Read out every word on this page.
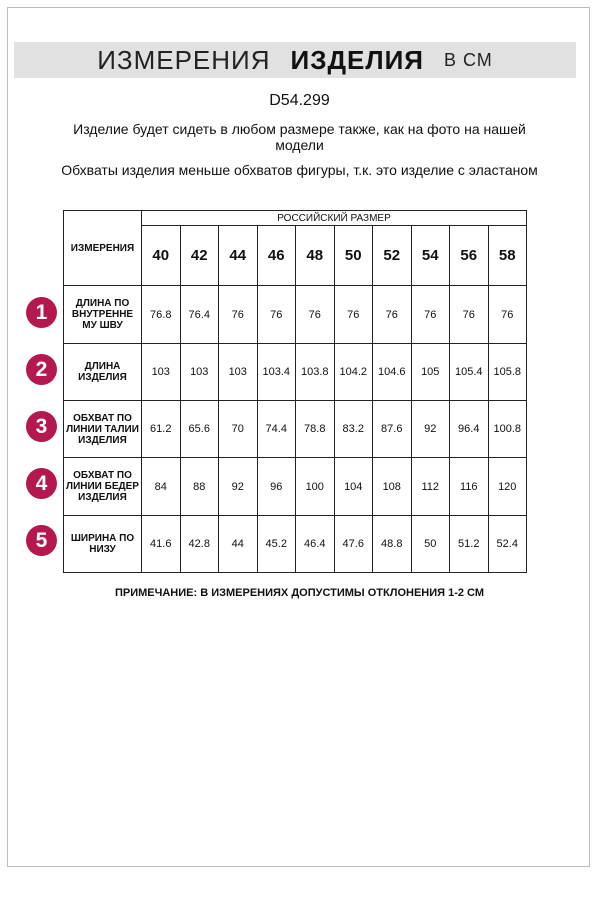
ИЗМЕРЕНИЯ ИЗДЕЛИЯ В СМ
D54.299
Изделие будет сидеть в любом размере также, как на фото на нашей модели
Обхваты изделия меньше обхватов фигуры, т.к. это изделие с эластаном
ИЗМЕРЕНИЯ	РОССИЙСКИЙ РАЗМЕР									
	40	42	44	46	48	50	52	54	56	58
ДЛИНА ПО ВНУТРЕННЕ МУ ШВУ	76.8	76.4	76	76	76	76	76	76	76	76
ДЛИНА ИЗДЕЛИЯ	103	103	103	103.4	103.8	104.2	104.6	105	105.4	105.8
ОБХВАТ ПО ЛИНИИ ТАЛИИ ИЗДЕЛИЯ	61.2	65.6	70	74.4	78.8	83.2	87.6	92	96.4	100.8
ОБХВАТ ПО ЛИНИИ БЕДЕР ИЗДЕЛИЯ	84	88	92	96	100	104	108	112	116	120
ШИРИНА ПО НИЗУ	41.6	42.8	44	45.2	46.4	47.6	48.8	50	51.2	52.4
1
2
3
4
5
ПРИМЕЧАНИЕ: В ИЗМЕРЕНИЯХ ДОПУСТИМЫ ОТКЛОНЕНИЯ 1-2 СМ
